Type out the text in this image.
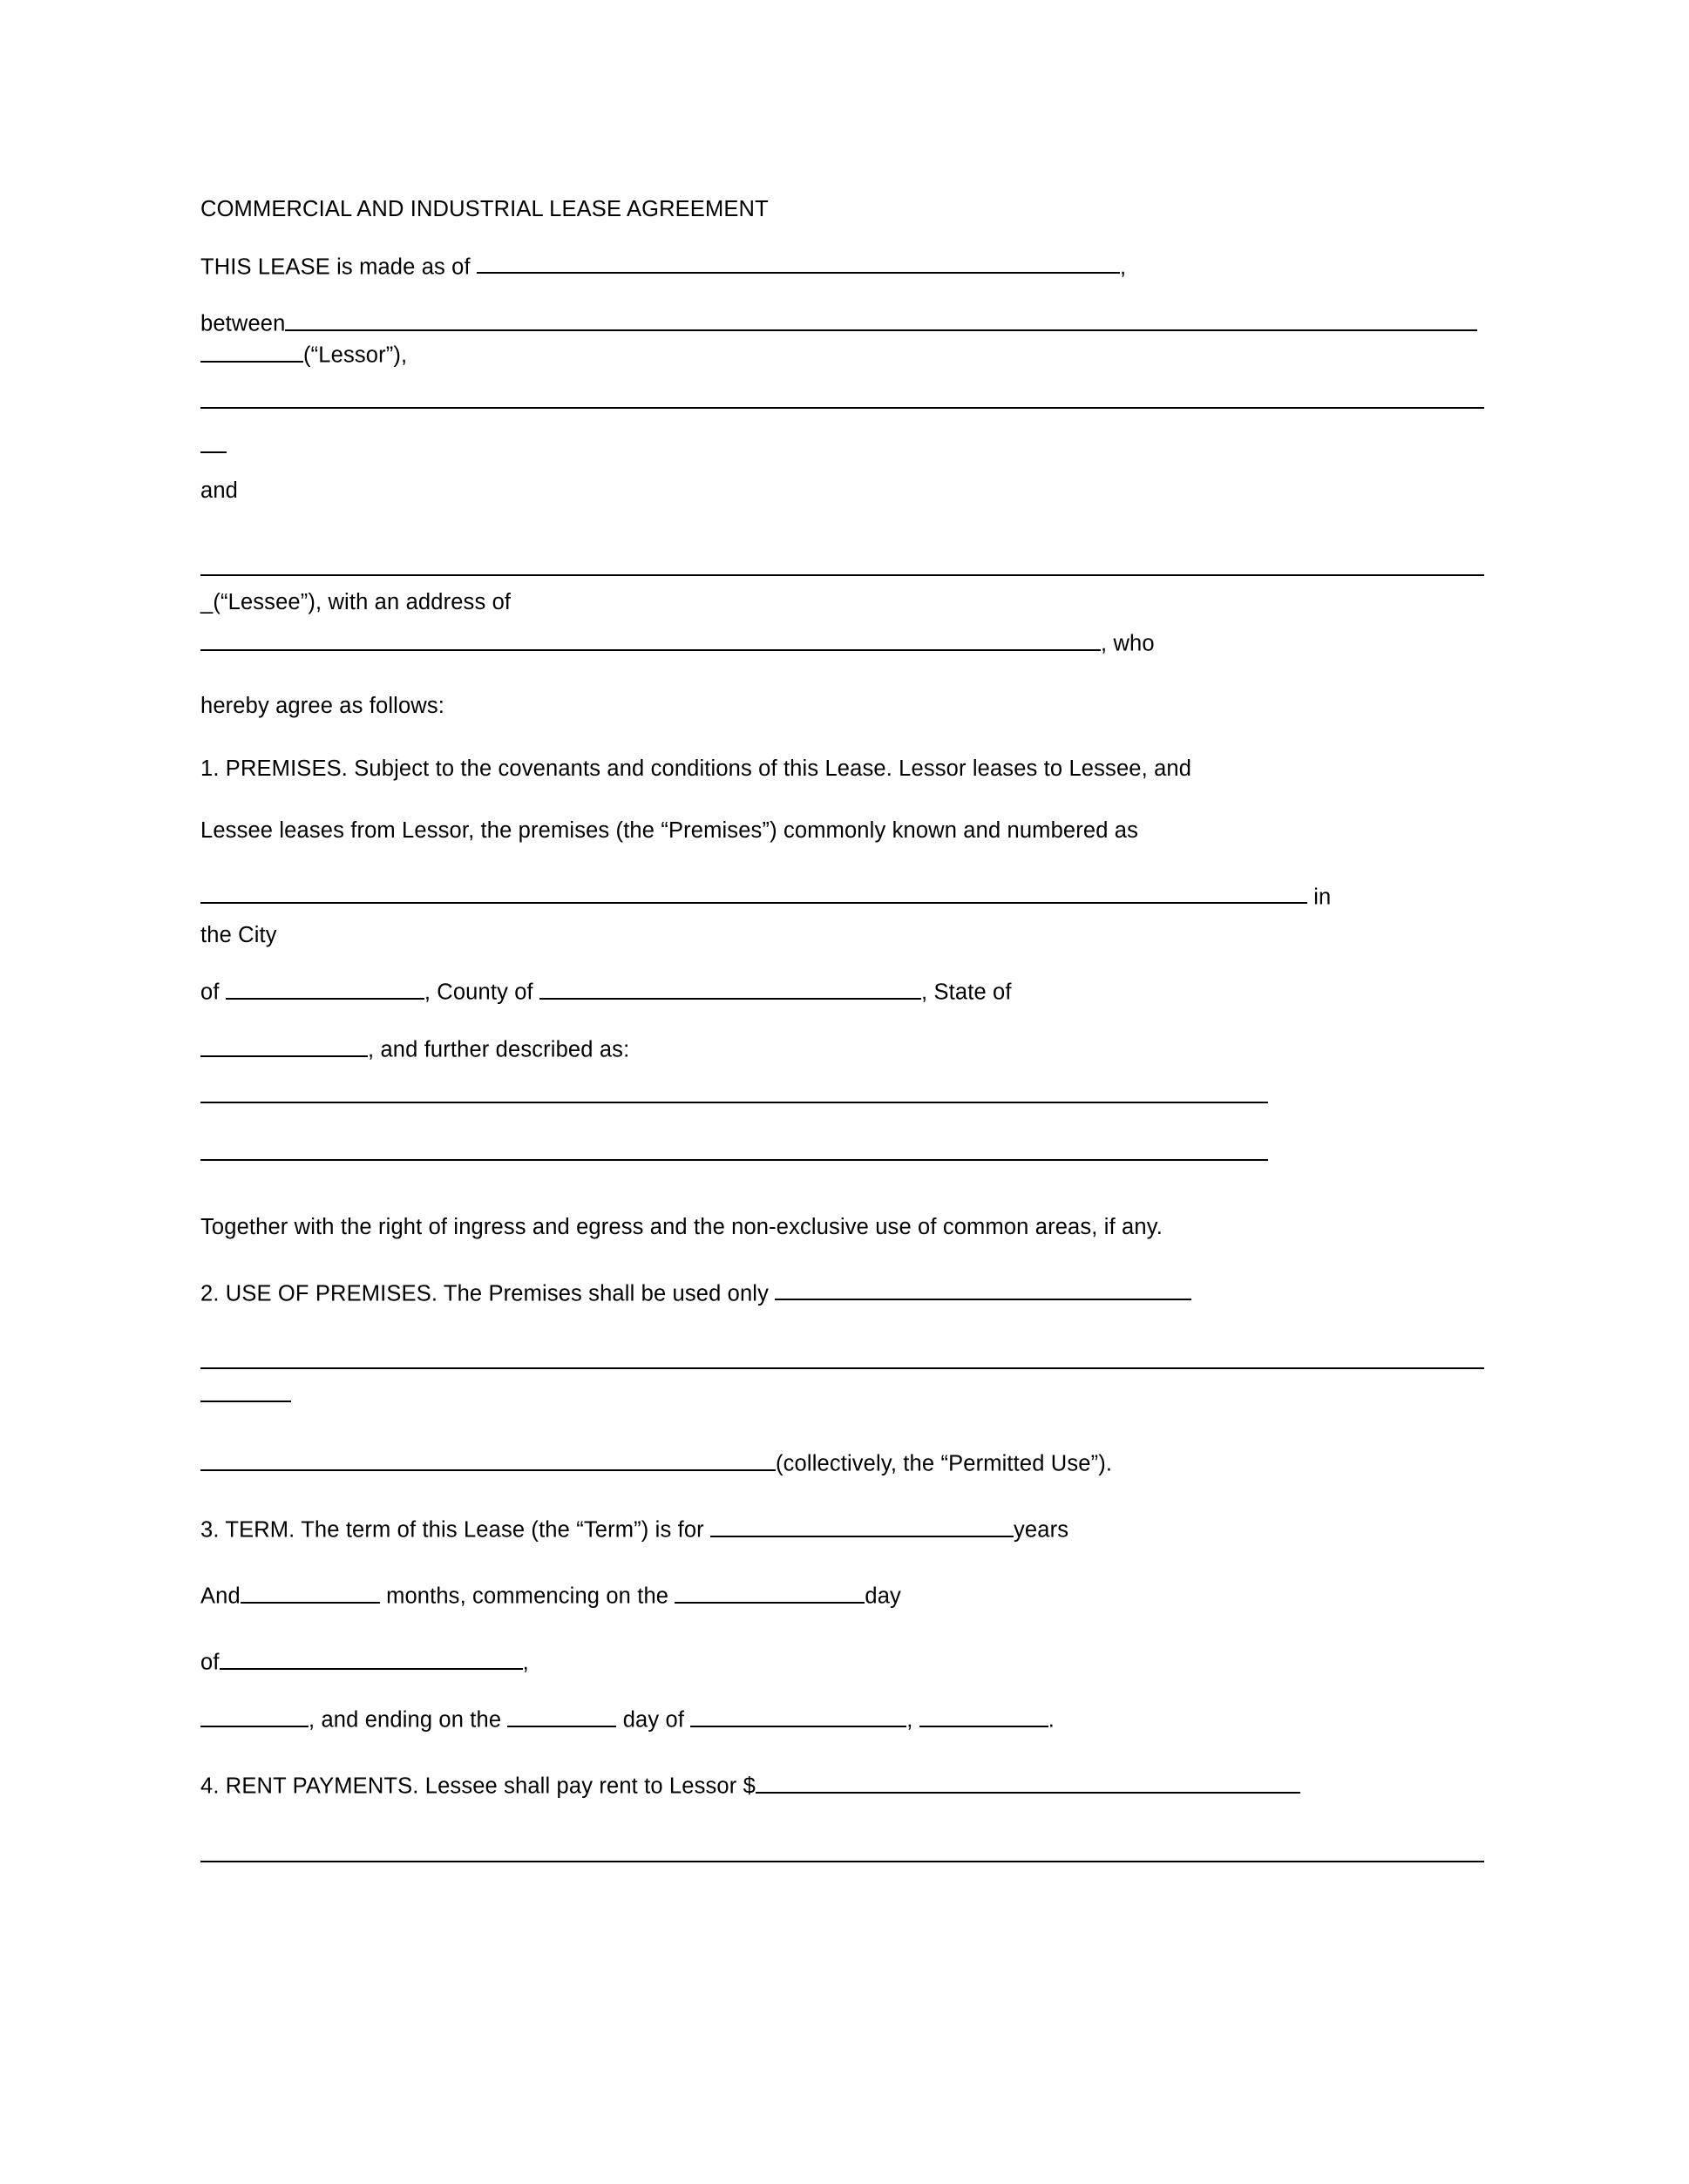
COMMERCIAL AND INDUSTRIAL LEASE AGREEMENT
THIS LEASE is made as of	,
between
(“Lessor”),
and
_(“Lessee”), with an address of
, who
hereby agree as follows:
1. PREMISES. Subject to the covenants and conditions of this Lease. Lessor leases to Lessee, and
Lessee leases from Lessor, the premises (the “Premises”) commonly known and numbered as
in
the City
of	, County of	, State of
, and further described as:
Together with the right of ingress and egress and the non-exclusive use of common areas, if any.
2. USE OF PREMISES. The Premises shall be used only
(collectively, the “Permitted Use”).
3. TERM. The term of this Lease (the “Term”) is for	years
And	months, commencing on the	day
of	,
, and ending on the	day of	,	.
4. RENT PAYMENTS. Lessee shall pay rent to Lessor $
